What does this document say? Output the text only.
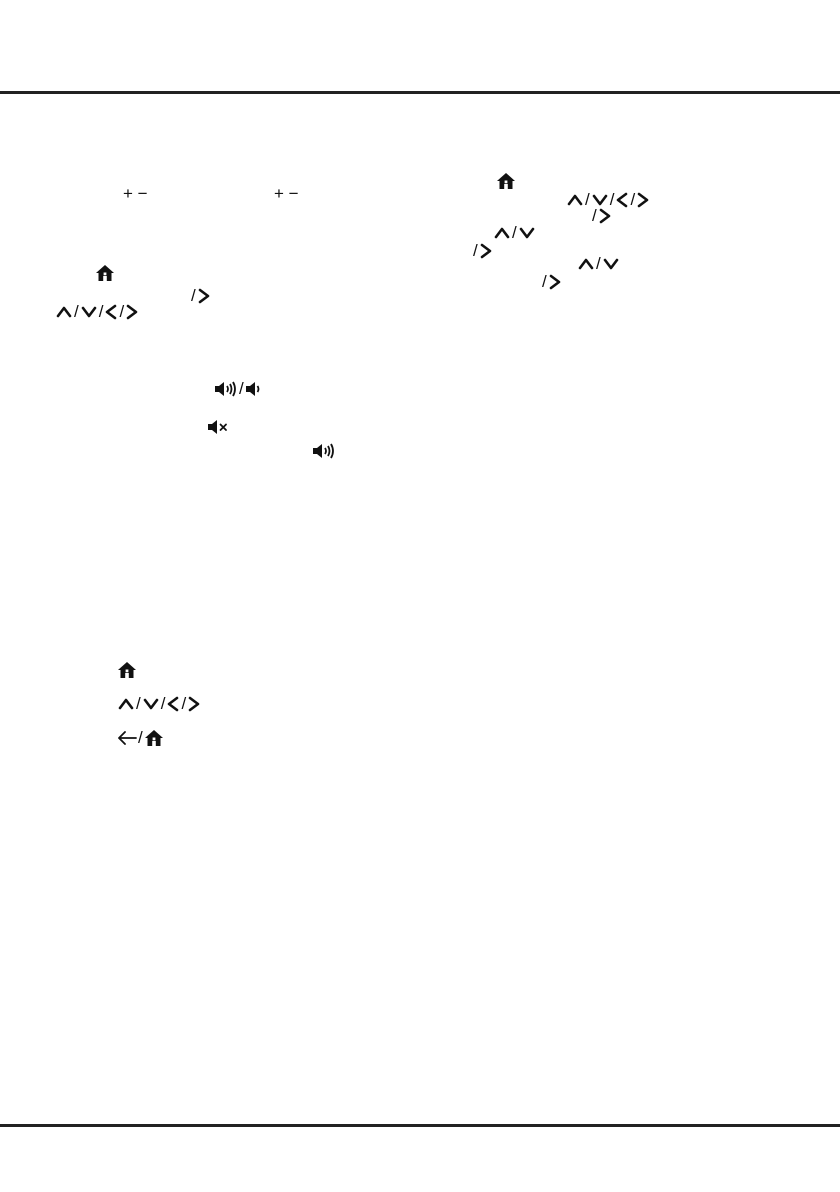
+ −	+ −
/
/ / /
/
/ / /
/
/ / /
/
/
/
/
/
